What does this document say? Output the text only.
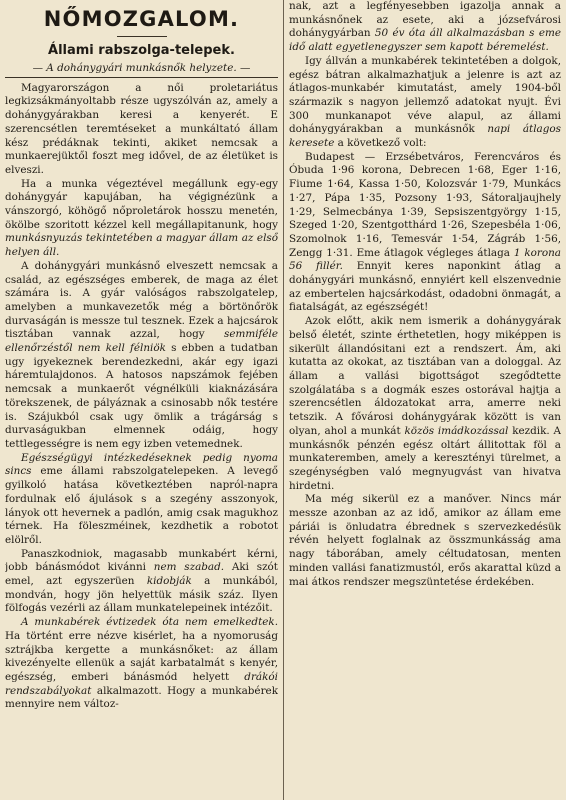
NŐMOZGALOM.
Állami rabszolga-telepek.
— A dohánygyári munkásnők helyzete. —

Magyarországon a női proletariátus legkizsákmányoltabb része ugyszólván az, amely a dohánygyárakban keresi a kenyerét. E szerencsétlen teremtéseket a munkáltató állam kész prédáknak tekinti, akiket nemcsak a munkaerejüktől foszt meg idővel, de az életüket is elveszi.

Ha a munka végeztével megállunk egy-egy dohánygyár kapujában, ha végignézünk a vánszorgó, köhögő nőproletárok hosszu menetén, ökölbe szoritott kézzel kell megállapitanunk, hogy munkásnyuzás tekintetében a magyar állam az első helyen áll.

A dohánygyári munkásnő elveszett nemcsak a család, az egészséges emberek, de maga az élet számára is. A gyár valóságos rabszolgatelep, amelyben a munkavezetők még a börtönőrök durvaságán is messze tul tesznek. Ezek a hajcsárok tisztában vannak azzal, hogy semmiféle ellenőrzéstől nem kell félniök s ebben a tudatban ugy igyekeznek berendezkedni, akár egy igazi háremtulajdonos. A hatosos napszámok fejében nemcsak a munkaerőt végnélküli kiaknázására törekszenek, de pályáznak a csinosabb nők testére is. Szájukból csak ugy ömlik a trágárság s durvaságukban elmennek odáig, hogy tettlegességre is nem egy izben vetemednek.

Egészségügyi intézkedéseknek pedig nyoma sincs eme állami rabszolgatelepeken. A levegő gyilkoló hatása következtében napról-napra fordulnak elő ájulások s a szegény asszonyok, lányok ott hevernek a padlón, amig csak magukhoz térnek. Ha föleszméinek, kezdhetik a robotot elölről.

Panaszkodniok, magasabb munkabért kérni, jobb bánásmódot kivánni nem szabad. Aki szót emel, azt egyszerüen kidobják a munkából, mondván, hogy jön helyettük másik száz. Ilyen fölfogás vezérli az állam munkatelepeinek intézőit.

A munkabérek évtizedek óta nem emelkedtek. Ha történt erre nézve kisérlet, ha a nyomoruság sztrájkba kergette a munkásnőket: az állam kivezényelte ellenük a saját karbatalmát s kenyér, egészség, emberi bánásmód helyett drákói rendszabályokat alkalmazott. Hogy a munkabérek mennyire nem változ-

nak, azt a legfényesebben igazolja annak a munkásnőnek az esete, aki a józsefvárosi dohánygyárban 50 év óta áll alkalmazásban s eme idő alatt egyetlenegyszer sem kapott béremelést.

Igy állván a munkabérek tekintetében a dolgok, egész bátran alkalmazhatjuk a jelenre is azt az átlagos-munkabér kimutatást, amely 1904-ből származik s nagyon jellemző adatokat nyujt. Évi 300 munkanapot véve alapul, az állami dohánygyárakban a munkásnők napi átlagos keresete a következő volt:

Budapest — Erzsébetváros, Ferencváros és Óbuda 1·96 korona, Debrecen 1·68, Eger 1·16, Fiume 1·64, Kassa 1·50, Kolozsvár 1·79, Munkács 1·27, Pápa 1·35, Pozsony 1·93, Sátoraljaujhely 1·29, Selmecbánya 1·39, Sepsiszentgyörgy 1·15, Szeged 1·20, Szentgotthárd 1·26, Szepesbéla 1·06, Szomolnok 1·16, Temesvár 1·54, Zágráb 1·56, Zengg 1·31. Eme átlagok végleges átlaga 1 korona 56 fillér. Ennyit keres naponkint átlag a dohánygyári munkásnő, ennyiért kell elszenvednie az embertelen hajcsárkodást, odadobni önmagát, a fiatalságát, az egészségét!

Azok előtt, akik nem ismerik a dohánygyárak belső életét, szinte érthetetlen, hogy miképpen is sikerült állandósitani ezt a rendszert. Ám, aki kutatta az okokat, az tisztában van a dologgal. Az állam a vallási bigottságot szegődtette szolgálatába s a dogmák eszes ostorával hajtja a szerencsétlen áldozatokat arra, amerre neki tetszik. A fővárosi dohánygyárak között is van olyan, ahol a munkát közös imádkozással kezdik. A munkásnők pénzén egész oltárt állitottak föl a munkateremben, amely a keresztényi türelmet, a szegénységben való megnyugvást van hivatva hirdetni.

Ma még sikerül ez a manőver. Nincs már messze azonban az az idő, amikor az állam eme páriái is önludatra ébrednek s szervezkedésük révén helyett foglalnak az összmunkásság ama nagy táborában, amely céltudatosan, menten minden vallási fanatizmustól, erős akarattal küzd a mai átkos rendszer megszüntetése érdekében.
